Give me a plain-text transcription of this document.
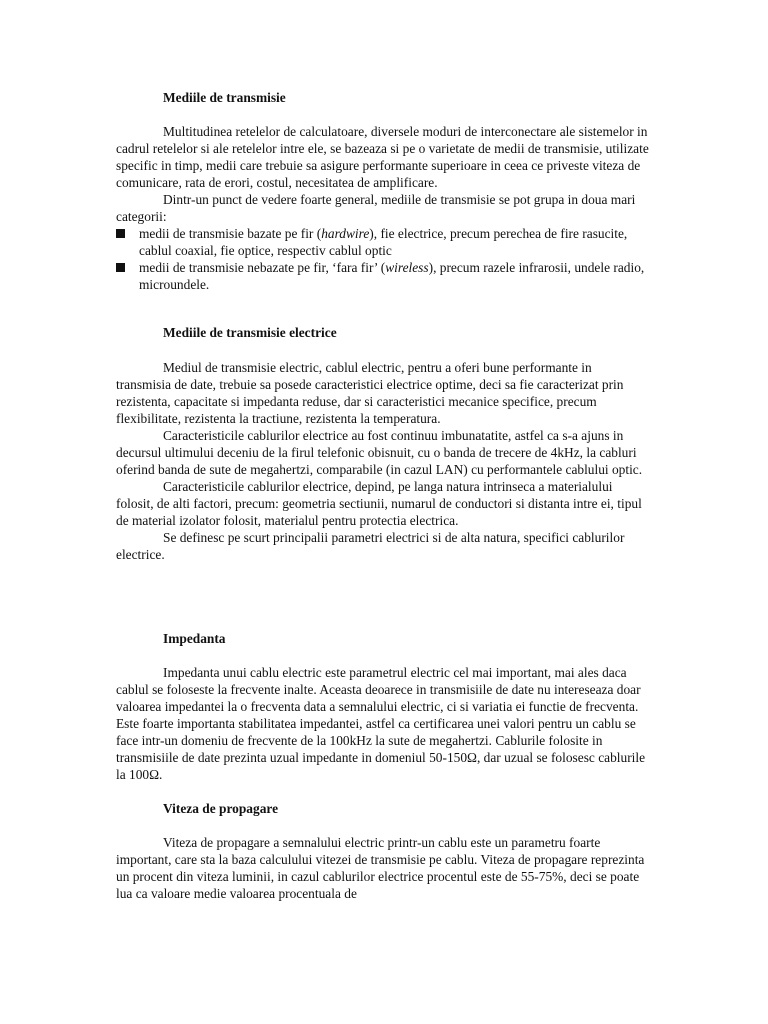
Mediile de transmisie

Multitudinea retelelor de calculatoare, diversele moduri de interconectare ale sistemelor in cadrul retelelor si ale retelelor intre ele, se bazeaza si pe o varietate de medii de transmisie, utilizate specific in timp, medii care trebuie sa asigure performante superioare in ceea ce priveste viteza de comunicare, rata de erori, costul, necesitatea de amplificare.

Dintr-un punct de vedere foarte general, mediile de transmisie se pot grupa in doua mari categorii:

medii de transmisie bazate pe fir (hardwire), fie electrice, precum perechea de fire rasucite, cablul coaxial, fie optice, respectiv cablul optic
medii de transmisie nebazate pe fir, ‘fara fir’ (wireless), precum razele infrarosii, undele radio, microundele.
Mediile de transmisie electrice

Mediul de transmisie electric, cablul electric, pentru a oferi bune performante in transmisia de date, trebuie sa posede caracteristici electrice optime, deci sa fie caracterizat prin rezistenta, capacitate si impedanta reduse, dar si caracteristici mecanice specifice, precum flexibilitate, rezistenta la tractiune, rezistenta la temperatura.

Caracteristicile cablurilor electrice au fost continuu imbunatatite, astfel ca s-a ajuns in decursul ultimului deceniu de la firul telefonic obisnuit, cu o banda de trecere de 4kHz, la cabluri oferind banda de sute de megahertzi, comparabile (in cazul LAN) cu performantele cablului optic.

Caracteristicile cablurilor electrice, depind, pe langa natura intrinseca a materialului folosit, de alti factori, precum: geometria sectiunii, numarul de conductori si distanta intre ei, tipul de material izolator folosit, materialul pentru protectia electrica.

Se definesc pe scurt principalii parametri electrici si de alta natura, specifici cablurilor electrice.

Impedanta

Impedanta unui cablu electric este parametrul electric cel mai important, mai ales daca cablul se foloseste la frecvente inalte. Aceasta deoarece in transmisiile de date nu intereseaza doar valoarea impedantei la o frecventa data a semnalului electric, ci si variatia ei functie de frecventa. Este foarte importanta stabilitatea impedantei, astfel ca certificarea unei valori pentru un cablu se face intr-un domeniu de frecvente de la 100kHz la sute de megahertzi. Cablurile folosite in transmisiile de date prezinta uzual impedante in domeniul 50-150Ω, dar uzual se folosesc cablurile la 100Ω.

Viteza de propagare

Viteza de propagare a semnalului electric printr-un cablu este un parametru foarte important, care sta la baza calculului vitezei de transmisie pe cablu. Viteza de propagare reprezinta un procent din viteza luminii, in cazul cablurilor electrice procentul este de 55-75%, deci se poate lua ca valoare medie valoarea procentuala de
